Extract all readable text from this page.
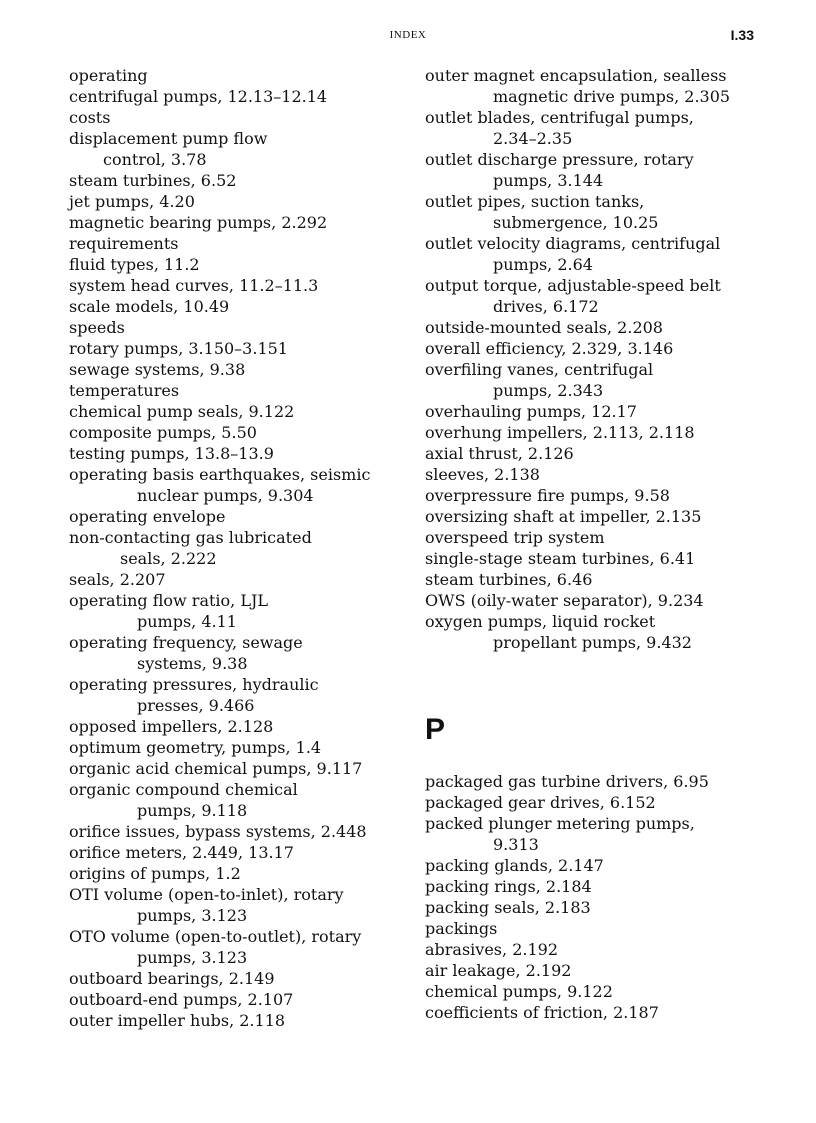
INDEX	I.33
operating
centrifugal pumps, 12.13–12.14
costs
displacement pump flow

control, 3.78
steam turbines, 6.52
jet pumps, 4.20
magnetic bearing pumps, 2.292
requirements
fluid types, 11.2
system head curves, 11.2–11.3
scale models, 10.49
speeds
rotary pumps, 3.150–3.151
sewage systems, 9.38
temperatures
chemical pump seals, 9.122
composite pumps, 5.50
testing pumps, 13.8–13.9
operating basis earthquakes, seismic

nuclear pumps, 9.304
operating envelope
non-contacting gas lubricated

seals, 2.222
seals, 2.207
operating flow ratio, LJL

pumps, 4.11
operating frequency, sewage

systems, 9.38
operating pressures, hydraulic

presses, 9.466
opposed impellers, 2.128
optimum geometry, pumps, 1.4
organic acid chemical pumps, 9.117
organic compound chemical

pumps, 9.118
orifice issues, bypass systems, 2.448
orifice meters, 2.449, 13.17
origins of pumps, 1.2
OTI volume (open-to-inlet), rotary

pumps, 3.123
OTO volume (open-to-outlet), rotary

pumps, 3.123
outboard bearings, 2.149
outboard-end pumps, 2.107
outer impeller hubs, 2.118
outer magnet encapsulation, sealless

magnetic drive pumps, 2.305
outlet blades, centrifugal pumps,

2.34–2.35
outlet discharge pressure, rotary

pumps, 3.144
outlet pipes, suction tanks,

submergence, 10.25
outlet velocity diagrams, centrifugal

pumps, 2.64
output torque, adjustable-speed belt

drives, 6.172
outside-mounted seals, 2.208
overall efficiency, 2.329, 3.146
overfiling vanes, centrifugal

pumps, 2.343
overhauling pumps, 12.17
overhung impellers, 2.113, 2.118
axial thrust, 2.126
sleeves, 2.138
overpressure fire pumps, 9.58
oversizing shaft at impeller, 2.135
overspeed trip system
single-stage steam turbines, 6.41
steam turbines, 6.46
OWS (oily-water separator), 9.234
oxygen pumps, liquid rocket

propellant pumps, 9.432
P
packaged gas turbine drivers, 6.95
packaged gear drives, 6.152
packed plunger metering pumps,

9.313
packing glands, 2.147
packing rings, 2.184
packing seals, 2.183
packings
abrasives, 2.192
air leakage, 2.192
chemical pumps, 9.122
coefficients of friction, 2.187
